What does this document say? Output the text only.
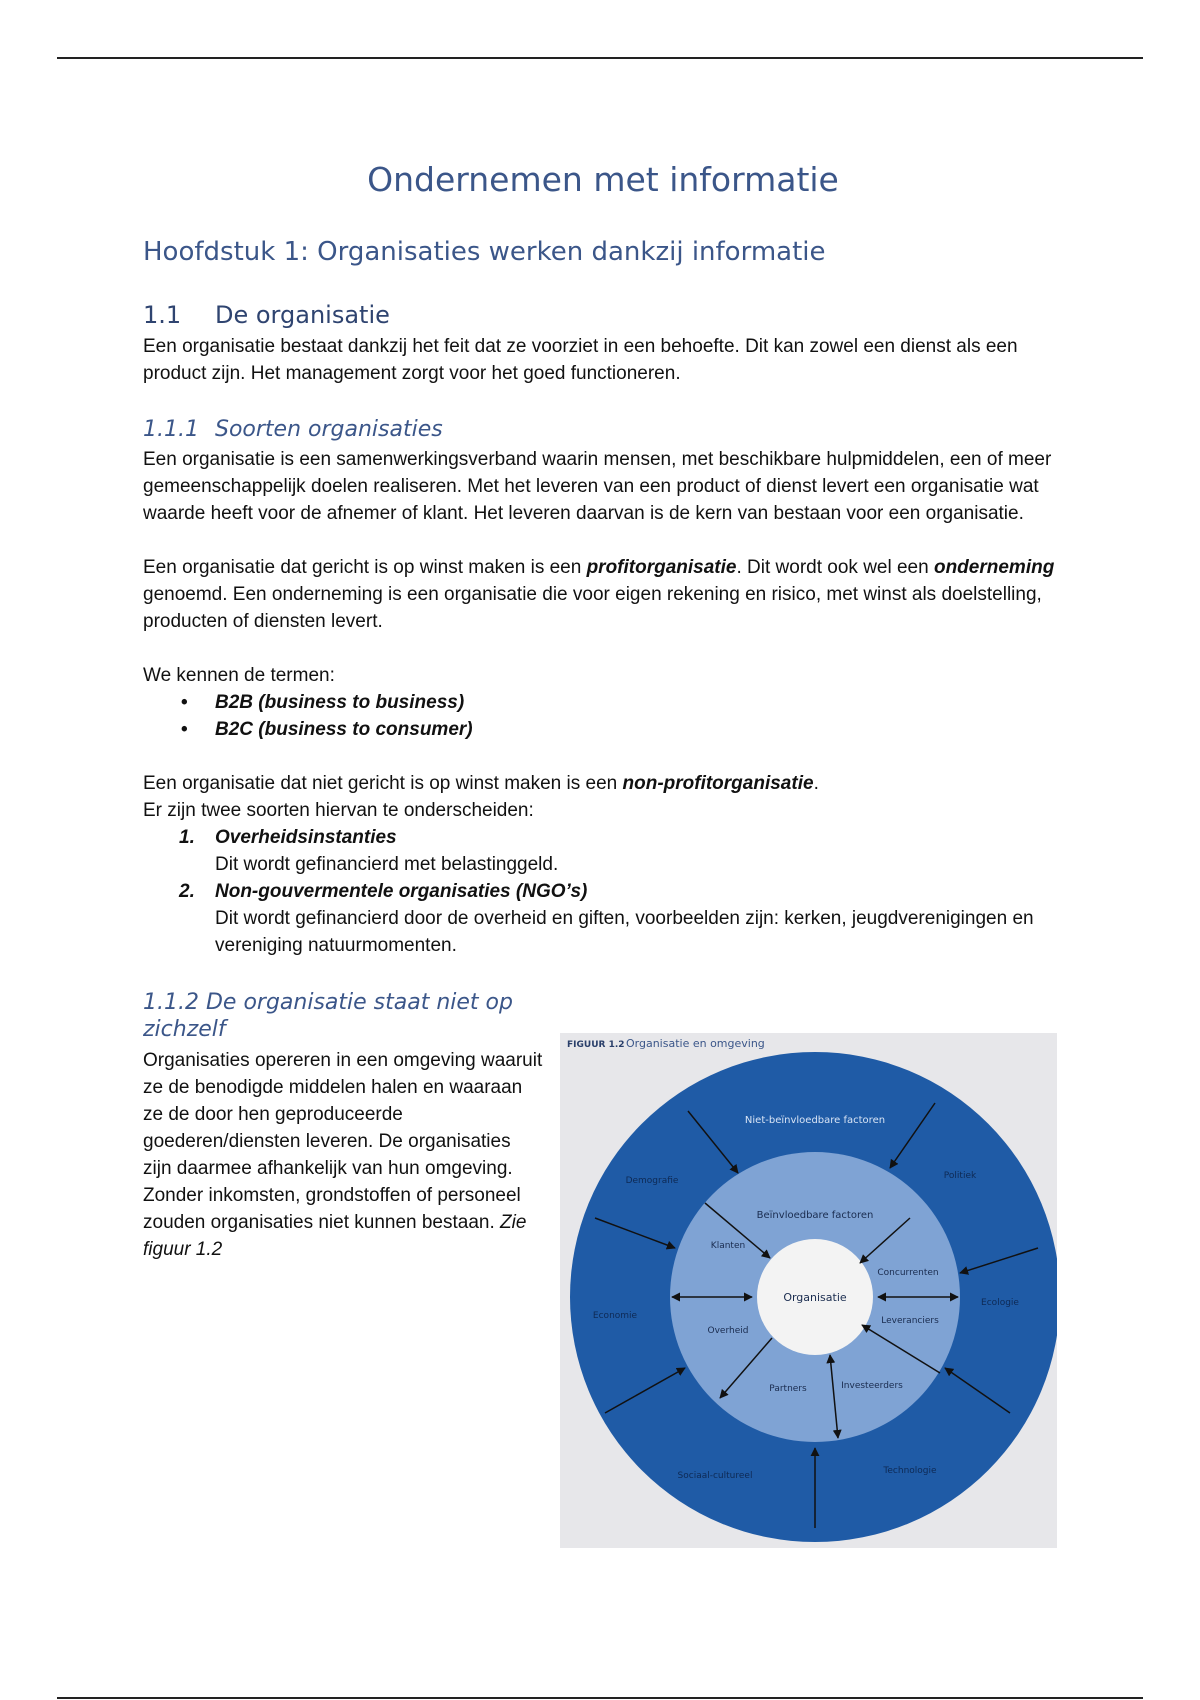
Ondernemen met informatie
Hoofdstuk 1: Organisaties werken dankzij informatie
1.1	De organisatie

Een organisatie bestaat dankzij het feit dat ze voorziet in een behoefte. Dit kan zowel een dienst als een product zijn. Het management zorgt voor het goed functioneren.

1.1.1 Soorten organisaties

Een organisatie is een samenwerkingsverband waarin mensen, met beschikbare hulpmiddelen, een of meer gemeenschappelijk doelen realiseren. Met het leveren van een product of dienst levert een organisatie wat waarde heeft voor de afnemer of klant. Het leveren daarvan is de kern van bestaan voor een organisatie.

Een organisatie dat gericht is op winst maken is een profitorganisatie. Dit wordt ook wel een onderneming genoemd. Een onderneming is een organisatie die voor eigen rekening en risico, met winst als doelstelling, producten of diensten levert.

We kennen de termen:

• B2B (business to business)
• B2C (business to consumer)

Een organisatie dat niet gericht is op winst maken is een non-profitorganisatie.

Er zijn twee soorten hiervan te onderscheiden:

1. Overheidsinstanties
Dit wordt gefinancierd met belastinggeld.
2. Non-gouvermentele organisaties (NGO’s)
Dit wordt gefinancierd door de overheid en giften, voorbeelden zijn: kerken, jeugdverenigingen en vereniging natuurmomenten.
1.1.2 De organisatie staat niet op zichzelf

Organisaties opereren in een omgeving waaruit ze de benodigde middelen halen en waaraan ze de door hen geproduceerde goederen/diensten leveren. De organisaties zijn daarmee afhankelijk van hun omgeving. Zonder inkomsten, grondstoffen of personeel zouden organisaties niet kunnen bestaan. Zie figuur 1.2

FIGUUR 1.2 Organisatie en omgeving
Niet-beïnvloedbare factoren
Beïnvloedbare factoren
Organisatie
Demografie	Politiek
Ecologie
Technologie
Sociaal-cultureel
Economie
Klanten
Concurrenten
Leveranciers
Investeerders
Partners
Overheid
